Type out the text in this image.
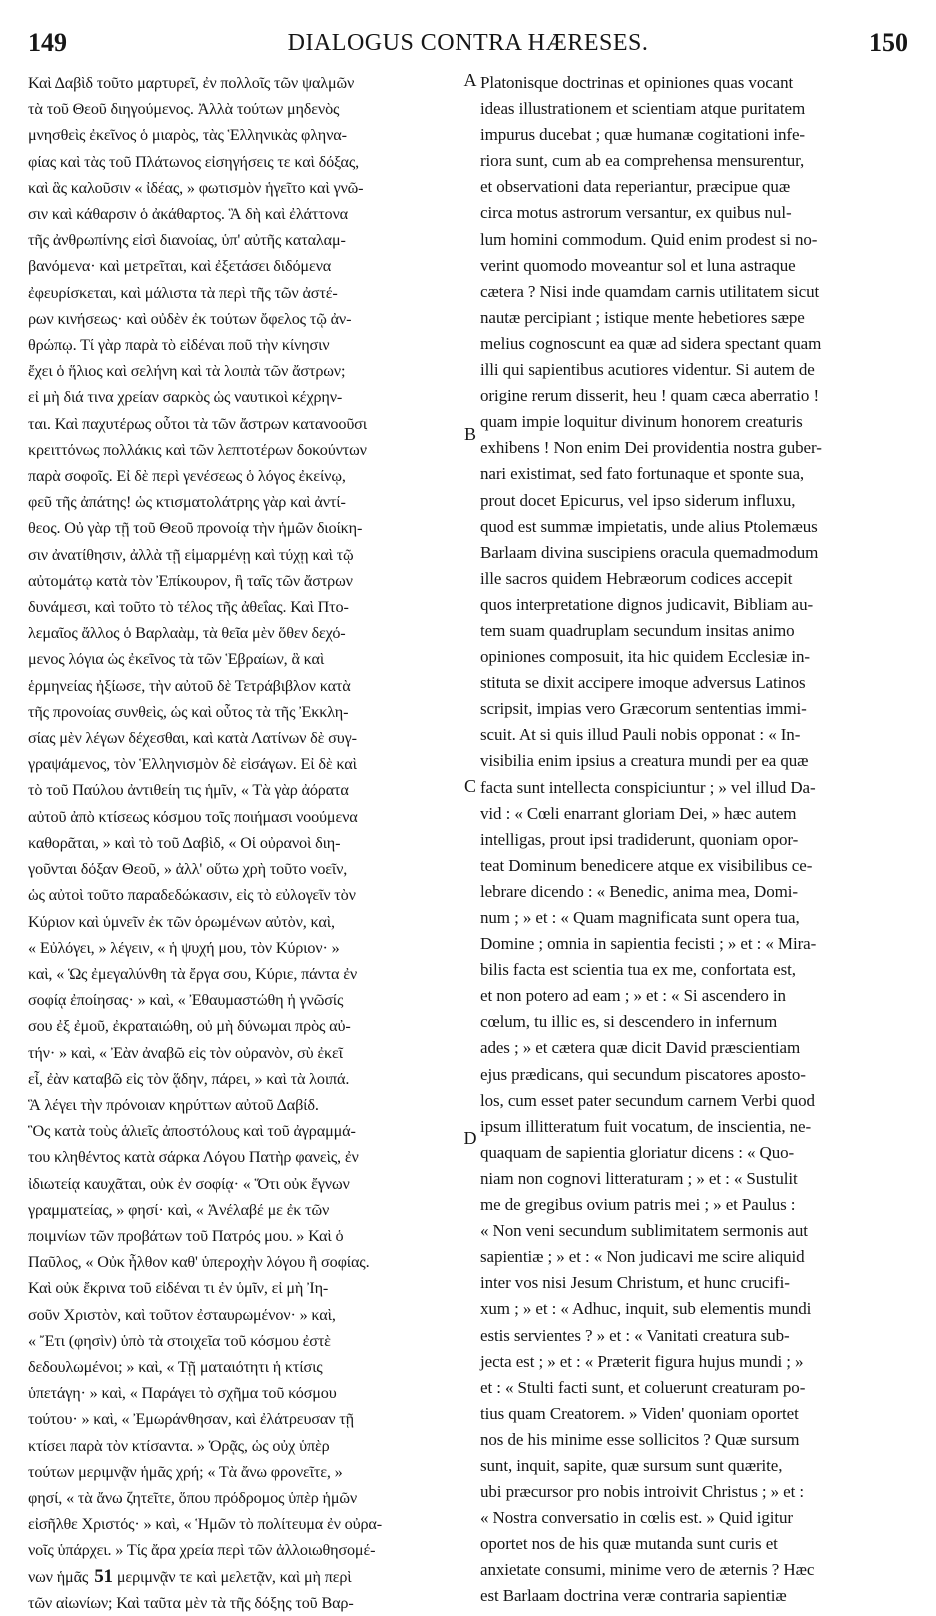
149	DIALOGUS CONTRA HÆRESES.	150
Καὶ Δαβὶδ τοῦτο μαρτυρεῖ, ἐν πολλοῖς τῶν ψαλμῶν
τὰ τοῦ Θεοῦ διηγούμενος. Ἀλλὰ τούτων μηδενὸς
μνησθεὶς ἐκεῖνος ὁ μιαρὸς, τὰς Ἑλληνικὰς φληνα-
φίας καὶ τὰς τοῦ Πλάτωνος εἰσηγήσεις τε καὶ δόξας,
καὶ ἃς καλοῦσιν « ἰδέας, » φωτισμὸν ἡγεῖτο καὶ γνῶ-
σιν καὶ κάθαρσιν ὁ ἀκάθαρτος. Ἃ δὴ καὶ ἐλάττονα
τῆς ἀνθρωπίνης εἰσὶ διανοίας, ὑπ' αὐτῆς καταλαμ-
βανόμενα· καὶ μετρεῖται, καὶ ἐξετάσει διδόμενα
ἐφευρίσκεται, καὶ μάλιστα τὰ περὶ τῆς τῶν ἀστέ-
ρων κινήσεως· καὶ οὐδὲν ἐκ τούτων ὄφελος τῷ ἀν-
θρώπῳ. Τί γὰρ παρὰ τὸ εἰδέναι ποῦ τὴν κίνησιν
ἔχει ὁ ἥλιος καὶ σελήνη καὶ τὰ λοιπὰ τῶν ἄστρων;
εἰ μὴ διά τινα χρείαν σαρκὸς ὡς ναυτικοὶ κέχρην-
ται. Καὶ παχυτέρως οὗτοι τὰ τῶν ἄστρων κατανοοῦσι
κρειττόνως πολλάκις καὶ τῶν λεπτοτέρων δοκούντων
παρὰ σοφοῖς. Εἰ δὲ περὶ γενέσεως ὁ λόγος ἐκείνῳ,
φεῦ τῆς ἀπάτης! ὡς κτισματολάτρης γὰρ καὶ ἀντί-
θεος. Οὐ γὰρ τῇ τοῦ Θεοῦ προνοίᾳ τὴν ἡμῶν διοίκη-
σιν ἀνατίθησιν, ἀλλὰ τῇ εἱμαρμένῃ καὶ τύχῃ καὶ τῷ
αὐτομάτῳ κατὰ τὸν Ἐπίκουρον, ἢ ταῖς τῶν ἄστρων
δυνάμεσι, καὶ τοῦτο τὸ τέλος τῆς ἀθεΐας. Καὶ Πτο-
λεμαῖος ἄλλος ὁ Βαρλαὰμ, τὰ θεῖα μὲν ὅθεν δεχό-
μενος λόγια ὡς ἐκεῖνος τὰ τῶν Ἑβραίων, ἃ καὶ
ἑρμηνείας ἠξίωσε, τὴν αὐτοῦ δὲ Τετράβιβλον κατὰ
τῆς προνοίας συνθεὶς, ὡς καὶ οὗτος τὰ τῆς Ἐκκλη-
σίας μὲν λέγων δέχεσθαι, καὶ κατὰ Λατίνων δὲ συγ-
γραψάμενος, τὸν Ἑλληνισμὸν δὲ εἰσάγων. Εἰ δὲ καὶ
τὸ τοῦ Παύλου ἀντιθείη τις ἡμῖν, « Τὰ γὰρ ἀόρατα
αὐτοῦ ἀπὸ κτίσεως κόσμου τοῖς ποιήμασι νοούμενα
καθορᾶται, » καὶ τὸ τοῦ Δαβὶδ, « Οἱ οὐρανοὶ διη-
γοῦνται δόξαν Θεοῦ, » ἀλλ' οὕτω χρὴ τοῦτο νοεῖν,
ὡς αὐτοὶ τοῦτο παραδεδώκασιν, εἰς τὸ εὐλογεῖν τὸν
Κύριον καὶ ὑμνεῖν ἐκ τῶν ὁρωμένων αὐτὸν, καὶ,
« Εὐλόγει, » λέγειν, « ἡ ψυχή μου, τὸν Κύριον· »
καὶ, « Ὡς ἐμεγαλύνθη τὰ ἔργα σου, Κύριε, πάντα ἐν
σοφίᾳ ἐποίησας· » καὶ, « Ἐθαυμαστώθη ἡ γνῶσίς
σου ἐξ ἐμοῦ, ἐκραταιώθη, οὐ μὴ δύνωμαι πρὸς αὐ-
τήν· » καὶ, « Ἐὰν ἀναβῶ εἰς τὸν οὐρανὸν, σὺ ἐκεῖ
εἶ, ἐὰν καταβῶ εἰς τὸν ᾅδην, πάρει, » καὶ τὰ λοιπά.
Ἃ λέγει τὴν πρόνοιαν κηρύττων αὐτοῦ Δαβίδ.
Ὃς κατὰ τοὺς ἁλιεῖς ἀποστόλους καὶ τοῦ ἀγραμμά-
του κληθέντος κατὰ σάρκα Λόγου Πατὴρ φανεὶς, ἐν
ἰδιωτείᾳ καυχᾶται, οὐκ ἐν σοφίᾳ· « Ὅτι οὐκ ἔγνων
γραμματείας, » φησί· καὶ, « Ἀνέλαβέ με ἐκ τῶν
ποιμνίων τῶν προβάτων τοῦ Πατρός μου. » Καὶ ὁ
Παῦλος, « Οὐκ ἦλθον καθ' ὑπεροχὴν λόγου ἢ σοφίας.
Καὶ οὐκ ἔκρινα τοῦ εἰδέναι τι ἐν ὑμῖν, εἰ μὴ Ἰη-
σοῦν Χριστὸν, καὶ τοῦτον ἐσταυρωμένον· » καὶ,
« Ἔτι (φησὶν) ὑπὸ τὰ στοιχεῖα τοῦ κόσμου ἐστὲ
δεδουλωμένοι; » καὶ, « Τῇ ματαιότητι ἡ κτίσις
ὑπετάγη· » καὶ, « Παράγει τὸ σχῆμα τοῦ κόσμου
τούτου· » καὶ, « Ἐμωράνθησαν, καὶ ἐλάτρευσαν τῇ
κτίσει παρὰ τὸν κτίσαντα. » Ὁρᾷς, ὡς οὐχ ὑπὲρ
τούτων μεριμνᾷν ἡμᾶς χρή; « Τὰ ἄνω φρονεῖτε, »
φησί, « τὰ ἄνω ζητεῖτε, ὅπου πρόδρομος ὑπὲρ ἡμῶν
εἰσῆλθε Χριστός· » καὶ, « Ἡμῶν τὸ πολίτευμα ἐν οὐρα-
νοῖς ὑπάρχει. » Τίς ἄρα χρεία περὶ τῶν ἀλλοιωθησομέ-
νων ἡμᾶς 51 μεριμνᾷν τε καὶ μελετᾷν, καὶ μὴ περὶ
τῶν αἰωνίων; Καὶ ταῦτα μὲν τὰ τῆς δόξης τοῦ Βαρ-
Platonisque doctrinas et opiniones quas vocant
ideas illustrationem et scientiam atque puritatem
impurus ducebat ; quæ humanæ cogitationi infe-
riora sunt, cum ab ea comprehensa mensurentur,
et observationi data reperiantur, præcipue quæ
circa motus astrorum versantur, ex quibus nul-
lum homini commodum. Quid enim prodest si no-
verint quomodo moveantur sol et luna astraque
cætera ? Nisi inde quamdam carnis utilitatem sicut
nautæ percipiant ; istique mente hebetiores sæpe
melius cognoscunt ea quæ ad sidera spectant quam
illi qui sapientibus acutiores videntur. Si autem de
origine rerum disserit, heu ! quam cæca aberratio !
quam impie loquitur divinum honorem creaturis
exhibens ! Non enim Dei providentia nostra guber-
nari existimat, sed fato fortunaque et sponte sua,
prout docet Epicurus, vel ipso siderum influxu,
quod est summæ impietatis, unde alius Ptolemæus
Barlaam divina suscipiens oracula quemadmodum
ille sacros quidem Hebræorum codices accepit
quos interpretatione dignos judicavit, Bibliam au-
tem suam quadruplam secundum insitas animo
opiniones composuit, ita hic quidem Ecclesiæ in-
stituta se dixit accipere imoque adversus Latinos
scripsit, impias vero Græcorum sententias immi-
scuit. At si quis illud Pauli nobis opponat : « In-
visibilia enim ipsius a creatura mundi per ea quæ
facta sunt intellecta conspiciuntur ; » vel illud Da-
vid : « Cœli enarrant gloriam Dei, » hæc autem
intelligas, prout ipsi tradiderunt, quoniam opor-
teat Dominum benedicere atque ex visibilibus ce-
lebrare dicendo : « Benedic, anima mea, Domi-
num ; » et : « Quam magnificata sunt opera tua,
Domine ; omnia in sapientia fecisti ; » et : « Mira-
bilis facta est scientia tua ex me, confortata est,
et non potero ad eam ; » et : « Si ascendero in
cœlum, tu illic es, si descendero in infernum
ades ; » et cætera quæ dicit David præscientiam
ejus prædicans, qui secundum piscatores aposto-
los, cum esset pater secundum carnem Verbi quod
ipsum illitteratum fuit vocatum, de inscientia, ne-
quaquam de sapientia gloriatur dicens : « Quo-
niam non cognovi litteraturam ; » et : « Sustulit
me de gregibus ovium patris mei ; » et Paulus :
« Non veni secundum sublimitatem sermonis aut
sapientiæ ; » et : « Non judicavi me scire aliquid
inter vos nisi Jesum Christum, et hunc crucifi-
xum ; » et : « Adhuc, inquit, sub elementis mundi
estis servientes ? » et : « Vanitati creatura sub-
jecta est ; » et : « Præterit figura hujus mundi ; »
et : « Stulti facti sunt, et coluerunt creaturam po-
tius quam Creatorem. » Viden' quoniam oportet
nos de his minime esse sollicitos ? Quæ sursum
sunt, inquit, sapite, quæ sursum sunt quærite,
ubi præcursor pro nobis introivit Christus ; » et :
« Nostra conversatio in cœlis est. » Quid igitur
oportet nos de his quæ mutanda sunt curis et
anxietate consumi, minime vero de æternis ? Hæc
est Barlaam doctrina veræ contraria sapientiæ
A
B
C
D
